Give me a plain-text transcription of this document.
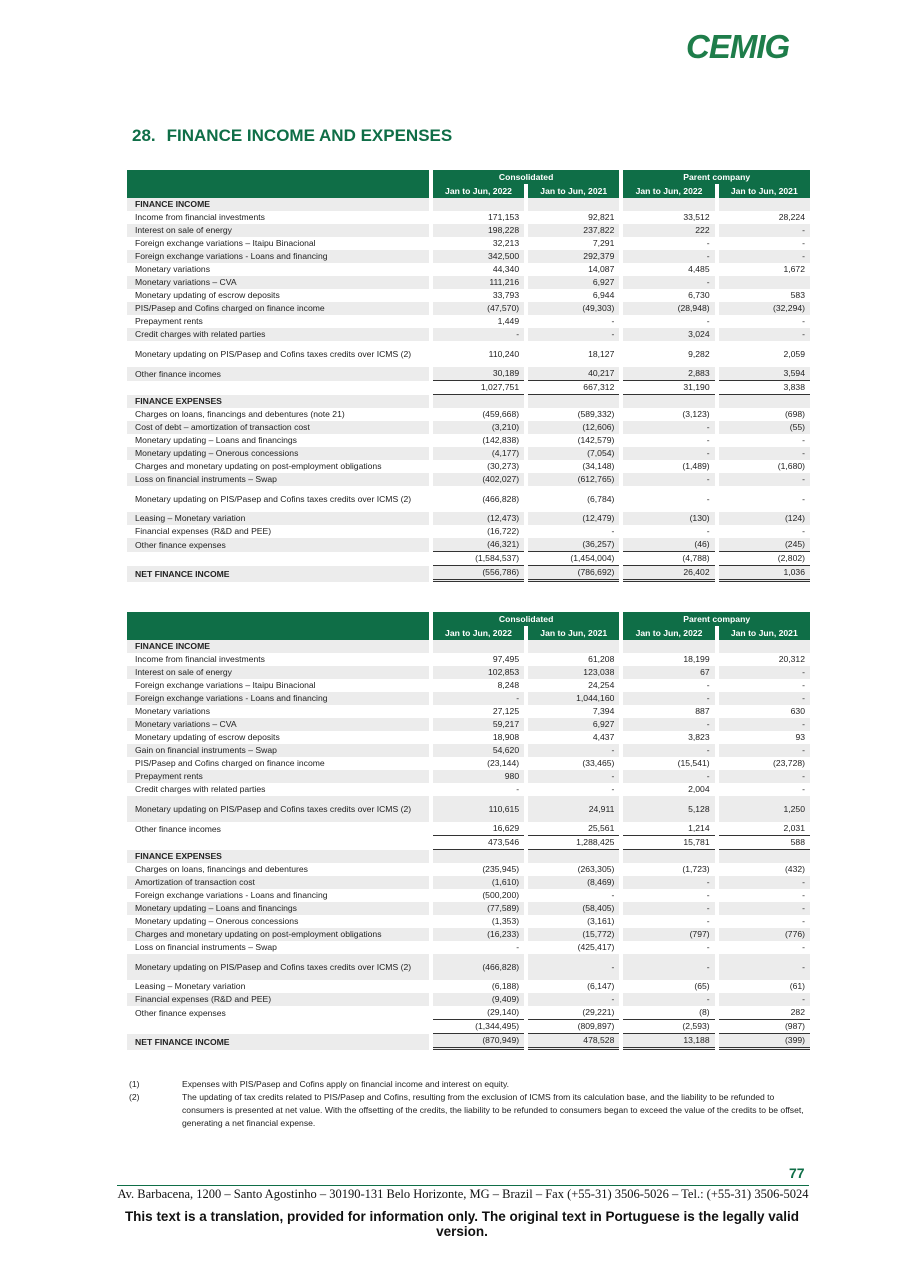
CEMIG
28. FINANCE INCOME AND EXPENSES
		Consolidated				Parent company		
		Jan to Jun, 2022		Jan to Jun, 2021		Jan to Jun, 2022		Jan to Jun, 2021
FINANCE INCOME								
Income from financial investments		171,153		92,821		33,512		28,224
Interest on sale of energy		198,228		237,822		222		-
Foreign exchange variations – Itaipu Binacional		32,213		7,291		-		-
Foreign exchange variations - Loans and financing		342,500		292,379		-		-
Monetary variations		44,340		14,087		4,485		1,672
Monetary variations – CVA		111,216		6,927		-		
Monetary updating of escrow deposits		33,793		6,944		6,730		583
PIS/Pasep and Cofins charged on finance income		(47,570)		(49,303)		(28,948)		(32,294)
Prepayment rents		1,449		-		-		-
Credit charges with related parties		-		-		3,024		-
Monetary updating on PIS/Pasep and Cofins taxes credits over ICMS (2)		110,240		18,127		9,282		2,059
Other finance incomes		30,189		40,217		2,883		3,594
		1,027,751		667,312		31,190		3,838
FINANCE EXPENSES								
Charges on loans, financings and debentures (note 21)		(459,668)		(589,332)		(3,123)		(698)
Cost of debt – amortization of transaction cost		(3,210)		(12,606)		-		(55)
Monetary updating – Loans and financings		(142,838)		(142,579)		-		-
Monetary updating – Onerous concessions		(4,177)		(7,054)		-		-
Charges and monetary updating on post-employment obligations		(30,273)		(34,148)		(1,489)		(1,680)
Loss on financial instruments – Swap		(402,027)		(612,765)		-		-
Monetary updating on PIS/Pasep and Cofins taxes credits over ICMS (2)		(466,828)		(6,784)		-		-
Leasing – Monetary variation		(12,473)		(12,479)		(130)		(124)
Financial expenses (R&D and PEE)		(16,722)		-		-		-
Other finance expenses		(46,321)		(36,257)		(46)		(245)
		(1,584,537)		(1,454,004)		(4,788)		(2,802)
NET FINANCE INCOME		(556,786)		(786,692)		26,402		1,036
		Consolidated				Parent company		
		Jan to Jun, 2022		Jan to Jun, 2021		Jan to Jun, 2022		Jan to Jun, 2021
FINANCE INCOME								
Income from financial investments		97,495		61,208		18,199		20,312
Interest on sale of energy		102,853		123,038		67		-
Foreign exchange variations – Itaipu Binacional		8,248		24,254		-		-
Foreign exchange variations - Loans and financing		-		1,044,160		-		-
Monetary variations		27,125		7,394		887		630
Monetary variations – CVA		59,217		6,927		-		-
Monetary updating of escrow deposits		18,908		4,437		3,823		93
Gain on financial instruments – Swap		54,620		-		-		-
PIS/Pasep and Cofins charged on finance income		(23,144)		(33,465)		(15,541)		(23,728)
Prepayment rents		980		-		-		-
Credit charges with related parties		-		-		2,004		-
Monetary updating on PIS/Pasep and Cofins taxes credits over ICMS (2)		110,615		24,911		5,128		1,250
Other finance incomes		16,629		25,561		1,214		2,031
		473,546		1,288,425		15,781		588
FINANCE EXPENSES								
Charges on loans, financings and debentures		(235,945)		(263,305)		(1,723)		(432)
Amortization of transaction cost		(1,610)		(8,469)		-		-
Foreign exchange variations - Loans and financing		(500,200)		-		-		-
Monetary updating – Loans and financings		(77,589)		(58,405)		-		-
Monetary updating – Onerous concessions		(1,353)		(3,161)		-		-
Charges and monetary updating on post-employment obligations		(16,233)		(15,772)		(797)		(776)
Loss on financial instruments – Swap		-		(425,417)		-		-
Monetary updating on PIS/Pasep and Cofins taxes credits over ICMS (2)		(466,828)		-		-		-
Leasing – Monetary variation		(6,188)		(6,147)		(65)		(61)
Financial expenses (R&D and PEE)		(9,409)		-		-		-
Other finance expenses		(29,140)		(29,221)		(8)		282
		(1,344,495)		(809,897)		(2,593)		(987)
NET FINANCE INCOME		(870,949)		478,528		13,188		(399)
(1)	Expenses with PIS/Pasep and Cofins apply on financial income and interest on equity.
(2)	The updating of tax credits related to PIS/Pasep and Cofins, resulting from the exclusion of ICMS from its calculation base, and the liability to be refunded to consumers is presented at net value. With the offsetting of the credits, the liability to be refunded to consumers began to exceed the value of the credits to be offset, generating a net financial expense.
77
Av. Barbacena, 1200 – Santo Agostinho – 30190-131 Belo Horizonte, MG – Brazil – Fax (+55-31) 3506-5026 – Tel.: (+55-31) 3506-5024
This text is a translation, provided for information only. The original text in Portuguese is the legally valid version.
